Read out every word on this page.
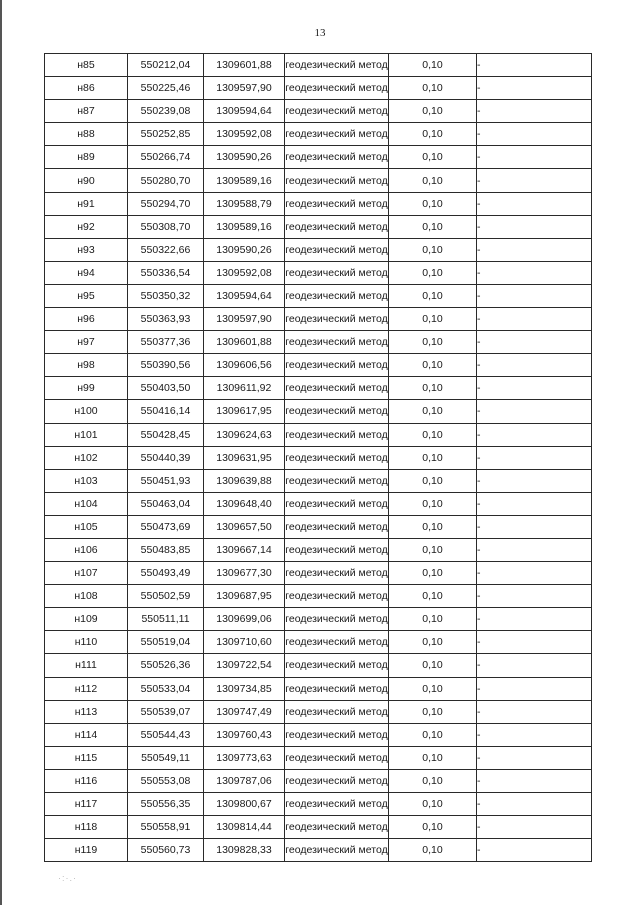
13
н85	550212,04	1309601,88	геодезический метод	0,10	-
н86	550225,46	1309597,90	геодезический метод	0,10	-
н87	550239,08	1309594,64	геодезический метод	0,10	-
н88	550252,85	1309592,08	геодезический метод	0,10	-
н89	550266,74	1309590,26	геодезический метод	0,10	-
н90	550280,70	1309589,16	геодезический метод	0,10	-
н91	550294,70	1309588,79	геодезический метод	0,10	-
н92	550308,70	1309589,16	геодезический метод	0,10	-
н93	550322,66	1309590,26	геодезический метод	0,10	-
н94	550336,54	1309592,08	геодезический метод	0,10	-
н95	550350,32	1309594,64	геодезический метод	0,10	-
н96	550363,93	1309597,90	геодезический метод	0,10	-
н97	550377,36	1309601,88	геодезический метод	0,10	-
н98	550390,56	1309606,56	геодезический метод	0,10	-
н99	550403,50	1309611,92	геодезический метод	0,10	-
н100	550416,14	1309617,95	геодезический метод	0,10	-
н101	550428,45	1309624,63	геодезический метод	0,10	-
н102	550440,39	1309631,95	геодезический метод	0,10	-
н103	550451,93	1309639,88	геодезический метод	0,10	-
н104	550463,04	1309648,40	геодезический метод	0,10	-
н105	550473,69	1309657,50	геодезический метод	0,10	-
н106	550483,85	1309667,14	геодезический метод	0,10	-
н107	550493,49	1309677,30	геодезический метод	0,10	-
н108	550502,59	1309687,95	геодезический метод	0,10	-
н109	550511,11	1309699,06	геодезический метод	0,10	-
н110	550519,04	1309710,60	геодезический метод	0,10	-
н111	550526,36	1309722,54	геодезический метод	0,10	-
н112	550533,04	1309734,85	геодезический метод	0,10	-
н113	550539,07	1309747,49	геодезический метод	0,10	-
н114	550544,43	1309760,43	геодезический метод	0,10	-
н115	550549,11	1309773,63	геодезический метод	0,10	-
н116	550553,08	1309787,06	геодезический метод	0,10	-
н117	550556,35	1309800,67	геодезический метод	0,10	-
н118	550558,91	1309814,44	геодезический метод	0,10	-
н119	550560,73	1309828,33	геодезический метод	0,10	-
·:·.·
